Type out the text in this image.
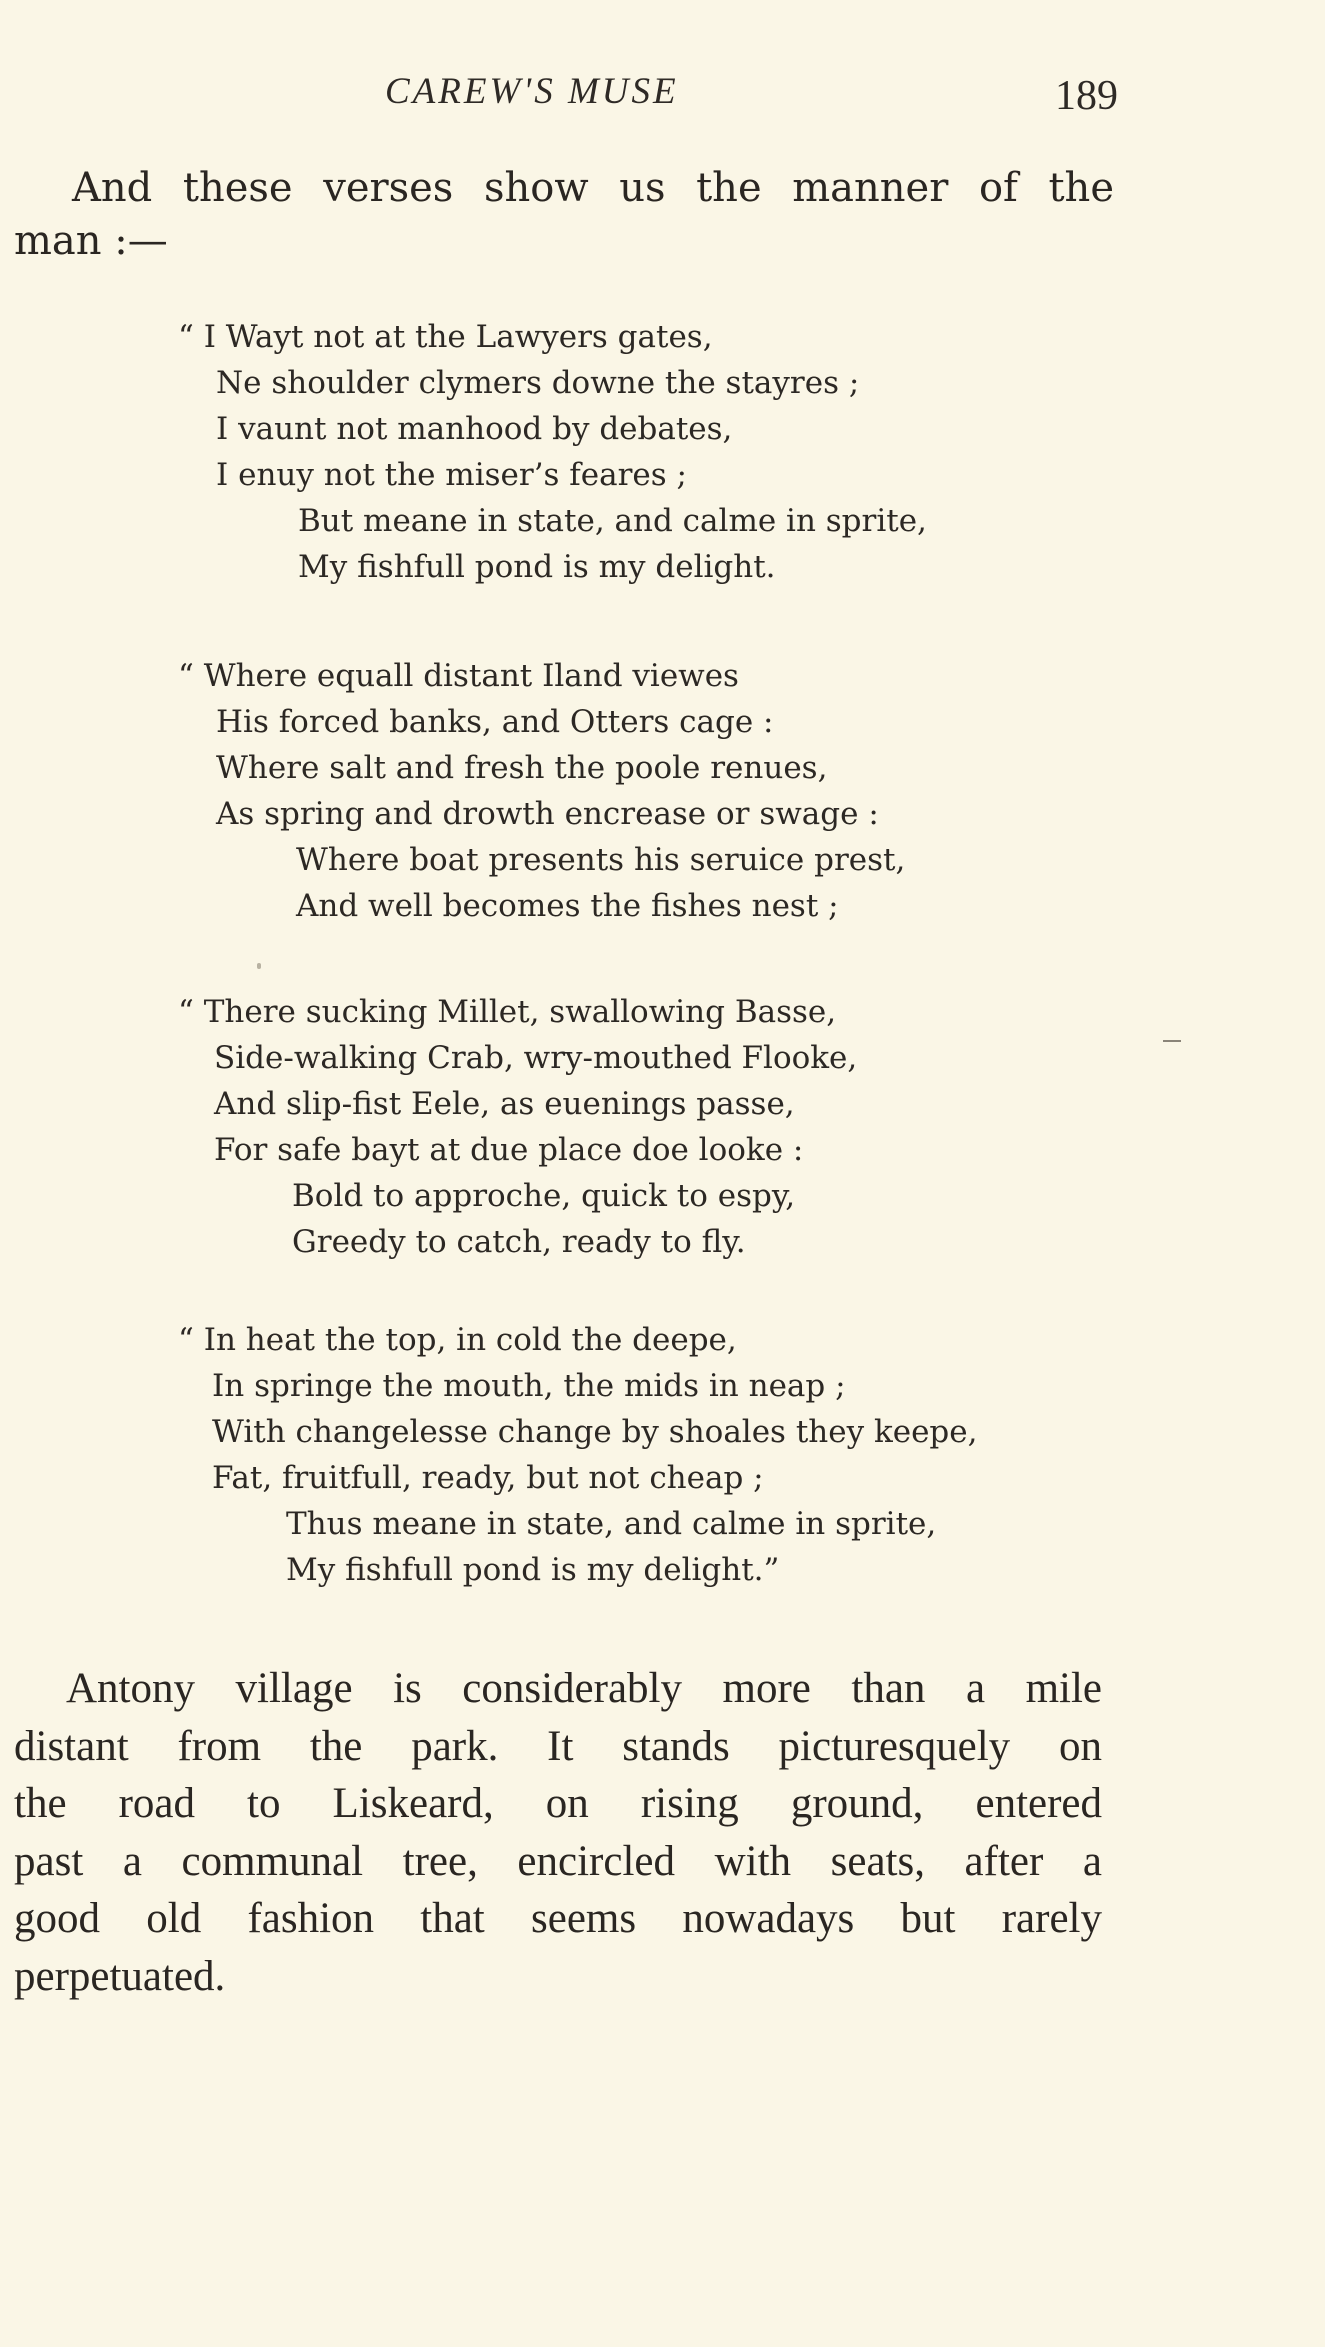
CAREW'S MUSE	189

And these verses show us the manner of the

man :—

“ I Wayt not at the Lawyers gates,

Ne shoulder clymers downe the stayres ;

I vaunt not manhood by debates,

I enuy not the miser’s feares ;

But meane in state, and calme in sprite,

My fishfull pond is my delight.

“ Where equall distant Iland viewes

His forced banks, and Otters cage :

Where salt and fresh the poole renues,

As spring and drowth encrease or swage :

Where boat presents his seruice prest,

And well becomes the fishes nest ;

“ There sucking Millet, swallowing Basse,

Side-walking Crab, wry-mouthed Flooke,

And slip-fist Eele, as euenings passe,

For safe bayt at due place doe looke :

Bold to approche, quick to espy,

Greedy to catch, ready to fly.

“ In heat the top, in cold the deepe,

In springe the mouth, the mids in neap ;

With changelesse change by shoales they keepe,

Fat, fruitfull, ready, but not cheap ;

Thus meane in state, and calme in sprite,

My fishfull pond is my delight.”

Antony village is considerably more than a mile
distant from the park. It stands picturesquely on
the road to Liskeard, on rising ground, entered
past a communal tree, encircled with seats, after a
good old fashion that seems nowadays but rarely
perpetuated.
